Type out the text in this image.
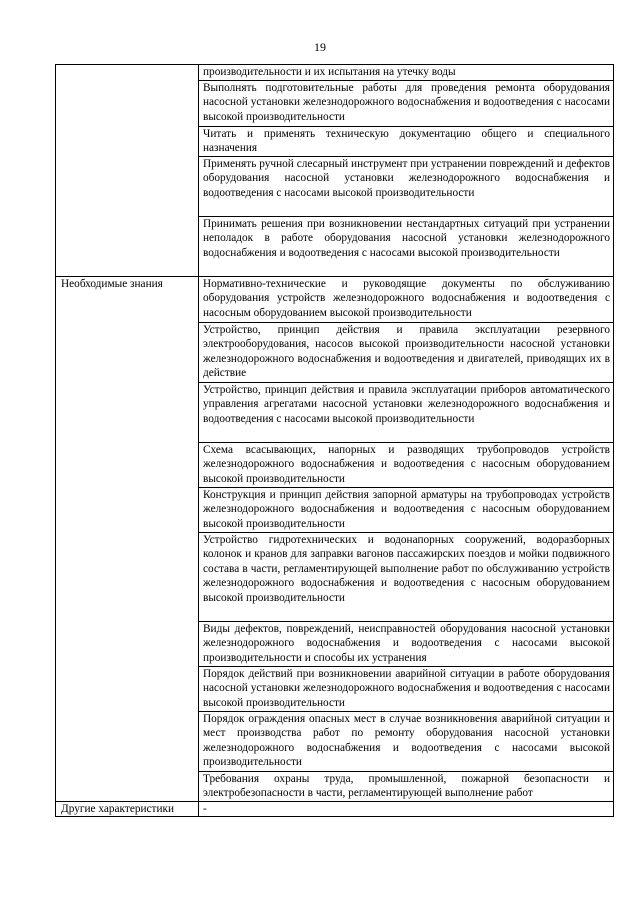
19
	производительности и их испытания на утечку воды
	Выполнять подготовительные работы для проведения ремонта оборудования насосной установки железнодорожного водоснабжения и водоотведения с насосами высокой производительности
	Читать и применять техническую документацию общего и специального назначения
	Применять ручной слесарный инструмент при устранении повреждений и дефектов оборудования насосной установки железнодорожного водоснабжения и водоотведения с насосами высокой производительности
	Принимать решения при возникновении нестандартных ситуаций при устранении неполадок в работе оборудования насосной установки железнодорожного водоснабжения и водоотведения с насосами высокой производительности
Необходимые знания	Нормативно-технические и руководящие документы по обслуживанию оборудования устройств железнодорожного водоснабжения и водоотведения с насосным оборудованием высокой производительности
	Устройство, принцип действия и правила эксплуатации резервного электрооборудования, насосов высокой производительности насосной установки железнодорожного водоснабжения и водоотведения и двигателей, приводящих их в действие
	Устройство, принцип действия и правила эксплуатации приборов автоматического управления агрегатами насосной установки железнодорожного водоснабжения и водоотведения с насосами высокой производительности
	Схема всасывающих, напорных и разводящих трубопроводов устройств железнодорожного водоснабжения и водоотведения с насосным оборудованием высокой производительности
	Конструкция и принцип действия запорной арматуры на трубопроводах устройств железнодорожного водоснабжения и водоотведения с насосным оборудованием высокой производительности
	Устройство гидротехнических и водонапорных сооружений, водоразборных колонок и кранов для заправки вагонов пассажирских поездов и мойки подвижного состава в части, регламентирующей выполнение работ по обслуживанию устройств железнодорожного водоснабжения и водоотведения с насосным оборудованием высокой производительности
	Виды дефектов, повреждений, неисправностей оборудования насосной установки железнодорожного водоснабжения и водоотведения с насосами высокой производительности и способы их устранения
	Порядок действий при возникновении аварийной ситуации в работе оборудования насосной установки железнодорожного водоснабжения и водоотведения с насосами высокой производительности
	Порядок ограждения опасных мест в случае возникновения аварийной ситуации и мест производства работ по ремонту оборудования насосной установки железнодорожного водоснабжения и водоотведения с насосами высокой производительности
	Требования охраны труда, промышленной, пожарной безопасности и электробезопасности в части, регламентирующей выполнение работ
Другие характеристики	-
